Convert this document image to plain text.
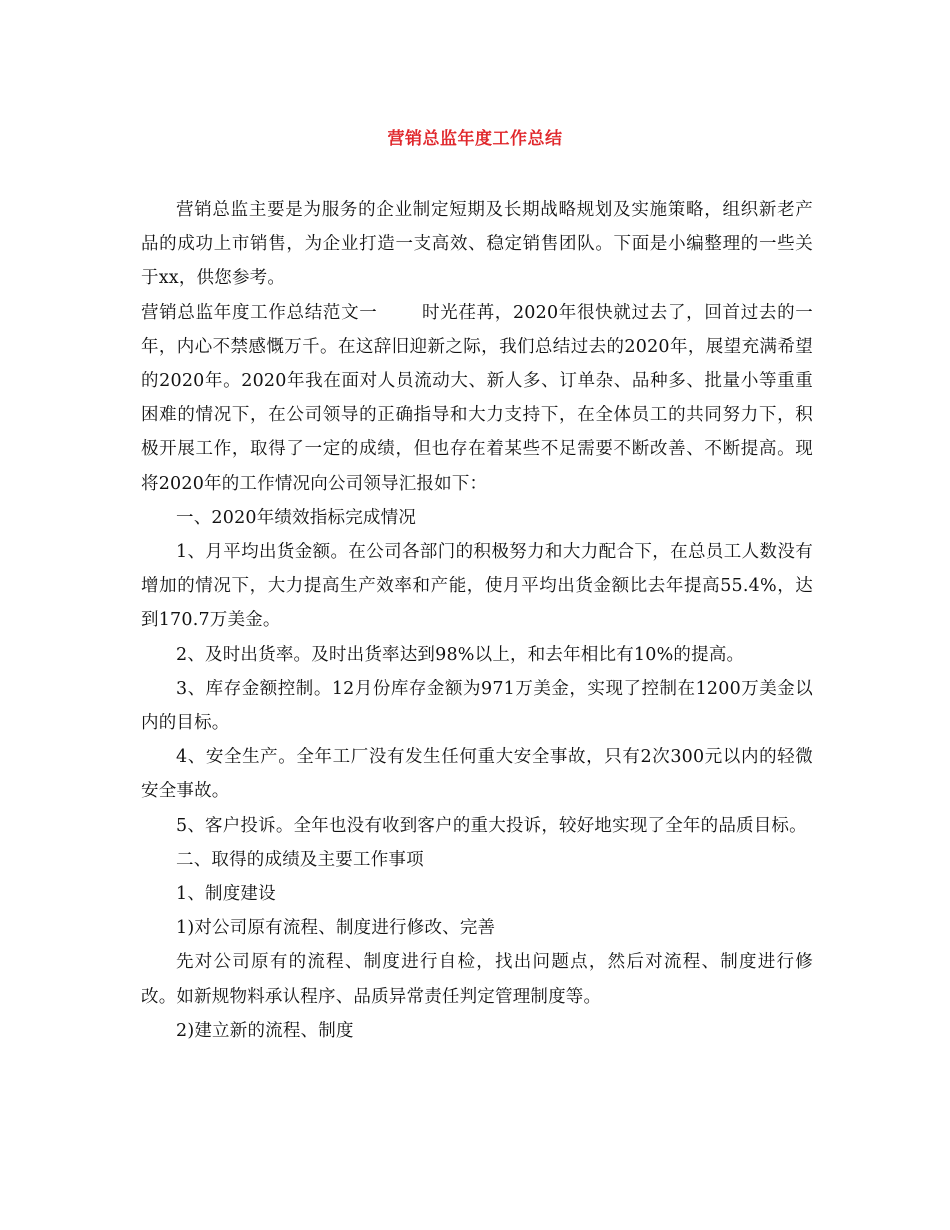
营销总监年度工作总结

营销总监主要是为服务的企业制定短期及长期战略规划及实施策略，组织新老产品的成功上市销售，为企业打造一支高效、稳定销售团队。下面是小编整理的一些关于xx，供您参考。

营销总监年度工作总结范文一	时光荏苒，2020年很快就过去了，回首过去的一年，内心不禁感慨万千。在这辞旧迎新之际，我们总结过去的2020年，展望充满希望的2020年。2020年我在面对人员流动大、新人多、订单杂、品种多、批量小等重重困难的情况下，在公司领导的正确指导和大力支持下，在全体员工的共同努力下，积极开展工作，取得了一定的成绩，但也存在着某些不足需要不断改善、不断提高。现将2020年的工作情况向公司领导汇报如下：

一、2020年绩效指标完成情况

1、月平均出货金额。在公司各部门的积极努力和大力配合下，在总员工人数没有增加的情况下，大力提高生产效率和产能，使月平均出货金额比去年提高55.4%，达到170.7万美金。

2、及时出货率。及时出货率达到98%以上，和去年相比有10%的提高。

3、库存金额控制。12月份库存金额为971万美金，实现了控制在1200万美金以内的目标。

4、安全生产。全年工厂没有发生任何重大安全事故，只有2次300元以内的轻微安全事故。

5、客户投诉。全年也没有收到客户的重大投诉，较好地实现了全年的品质目标。

二、取得的成绩及主要工作事项

1、制度建设

1)对公司原有流程、制度进行修改、完善

先对公司原有的流程、制度进行自检，找出问题点，然后对流程、制度进行修改。如新规物料承认程序、品质异常责任判定管理制度等。

2)建立新的流程、制度
